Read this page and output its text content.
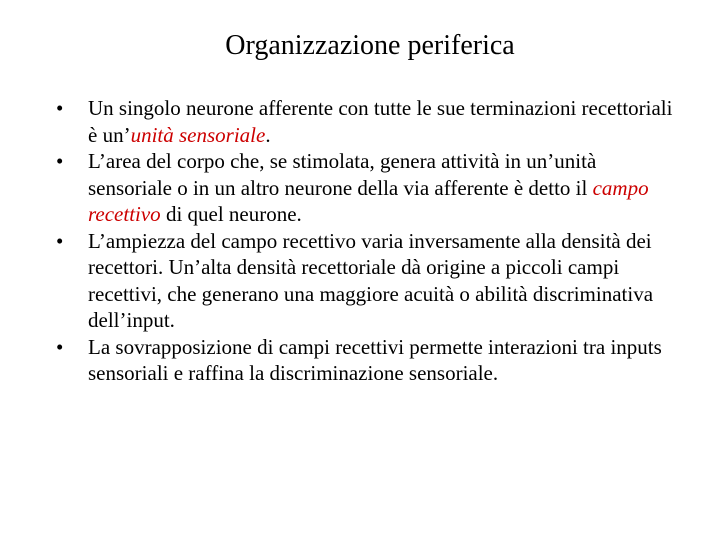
Organizzazione periferica
•	Un singolo neurone afferente con tutte le sue terminazioni recettoriali è un’unità sensoriale.
•	L’area del corpo che, se stimolata, genera attività in un’unità sensoriale o in un altro neurone della via afferente è detto il campo recettivo di quel neurone.
•	L’ampiezza del campo recettivo varia inversamente alla densità dei recettori. Un’alta densità recettoriale dà origine a piccoli campi recettivi, che generano una maggiore acuità o abilità discriminativa dell’input.
•	La sovrapposizione di campi recettivi permette interazioni tra inputs sensoriali e raffina la discriminazione sensoriale.
